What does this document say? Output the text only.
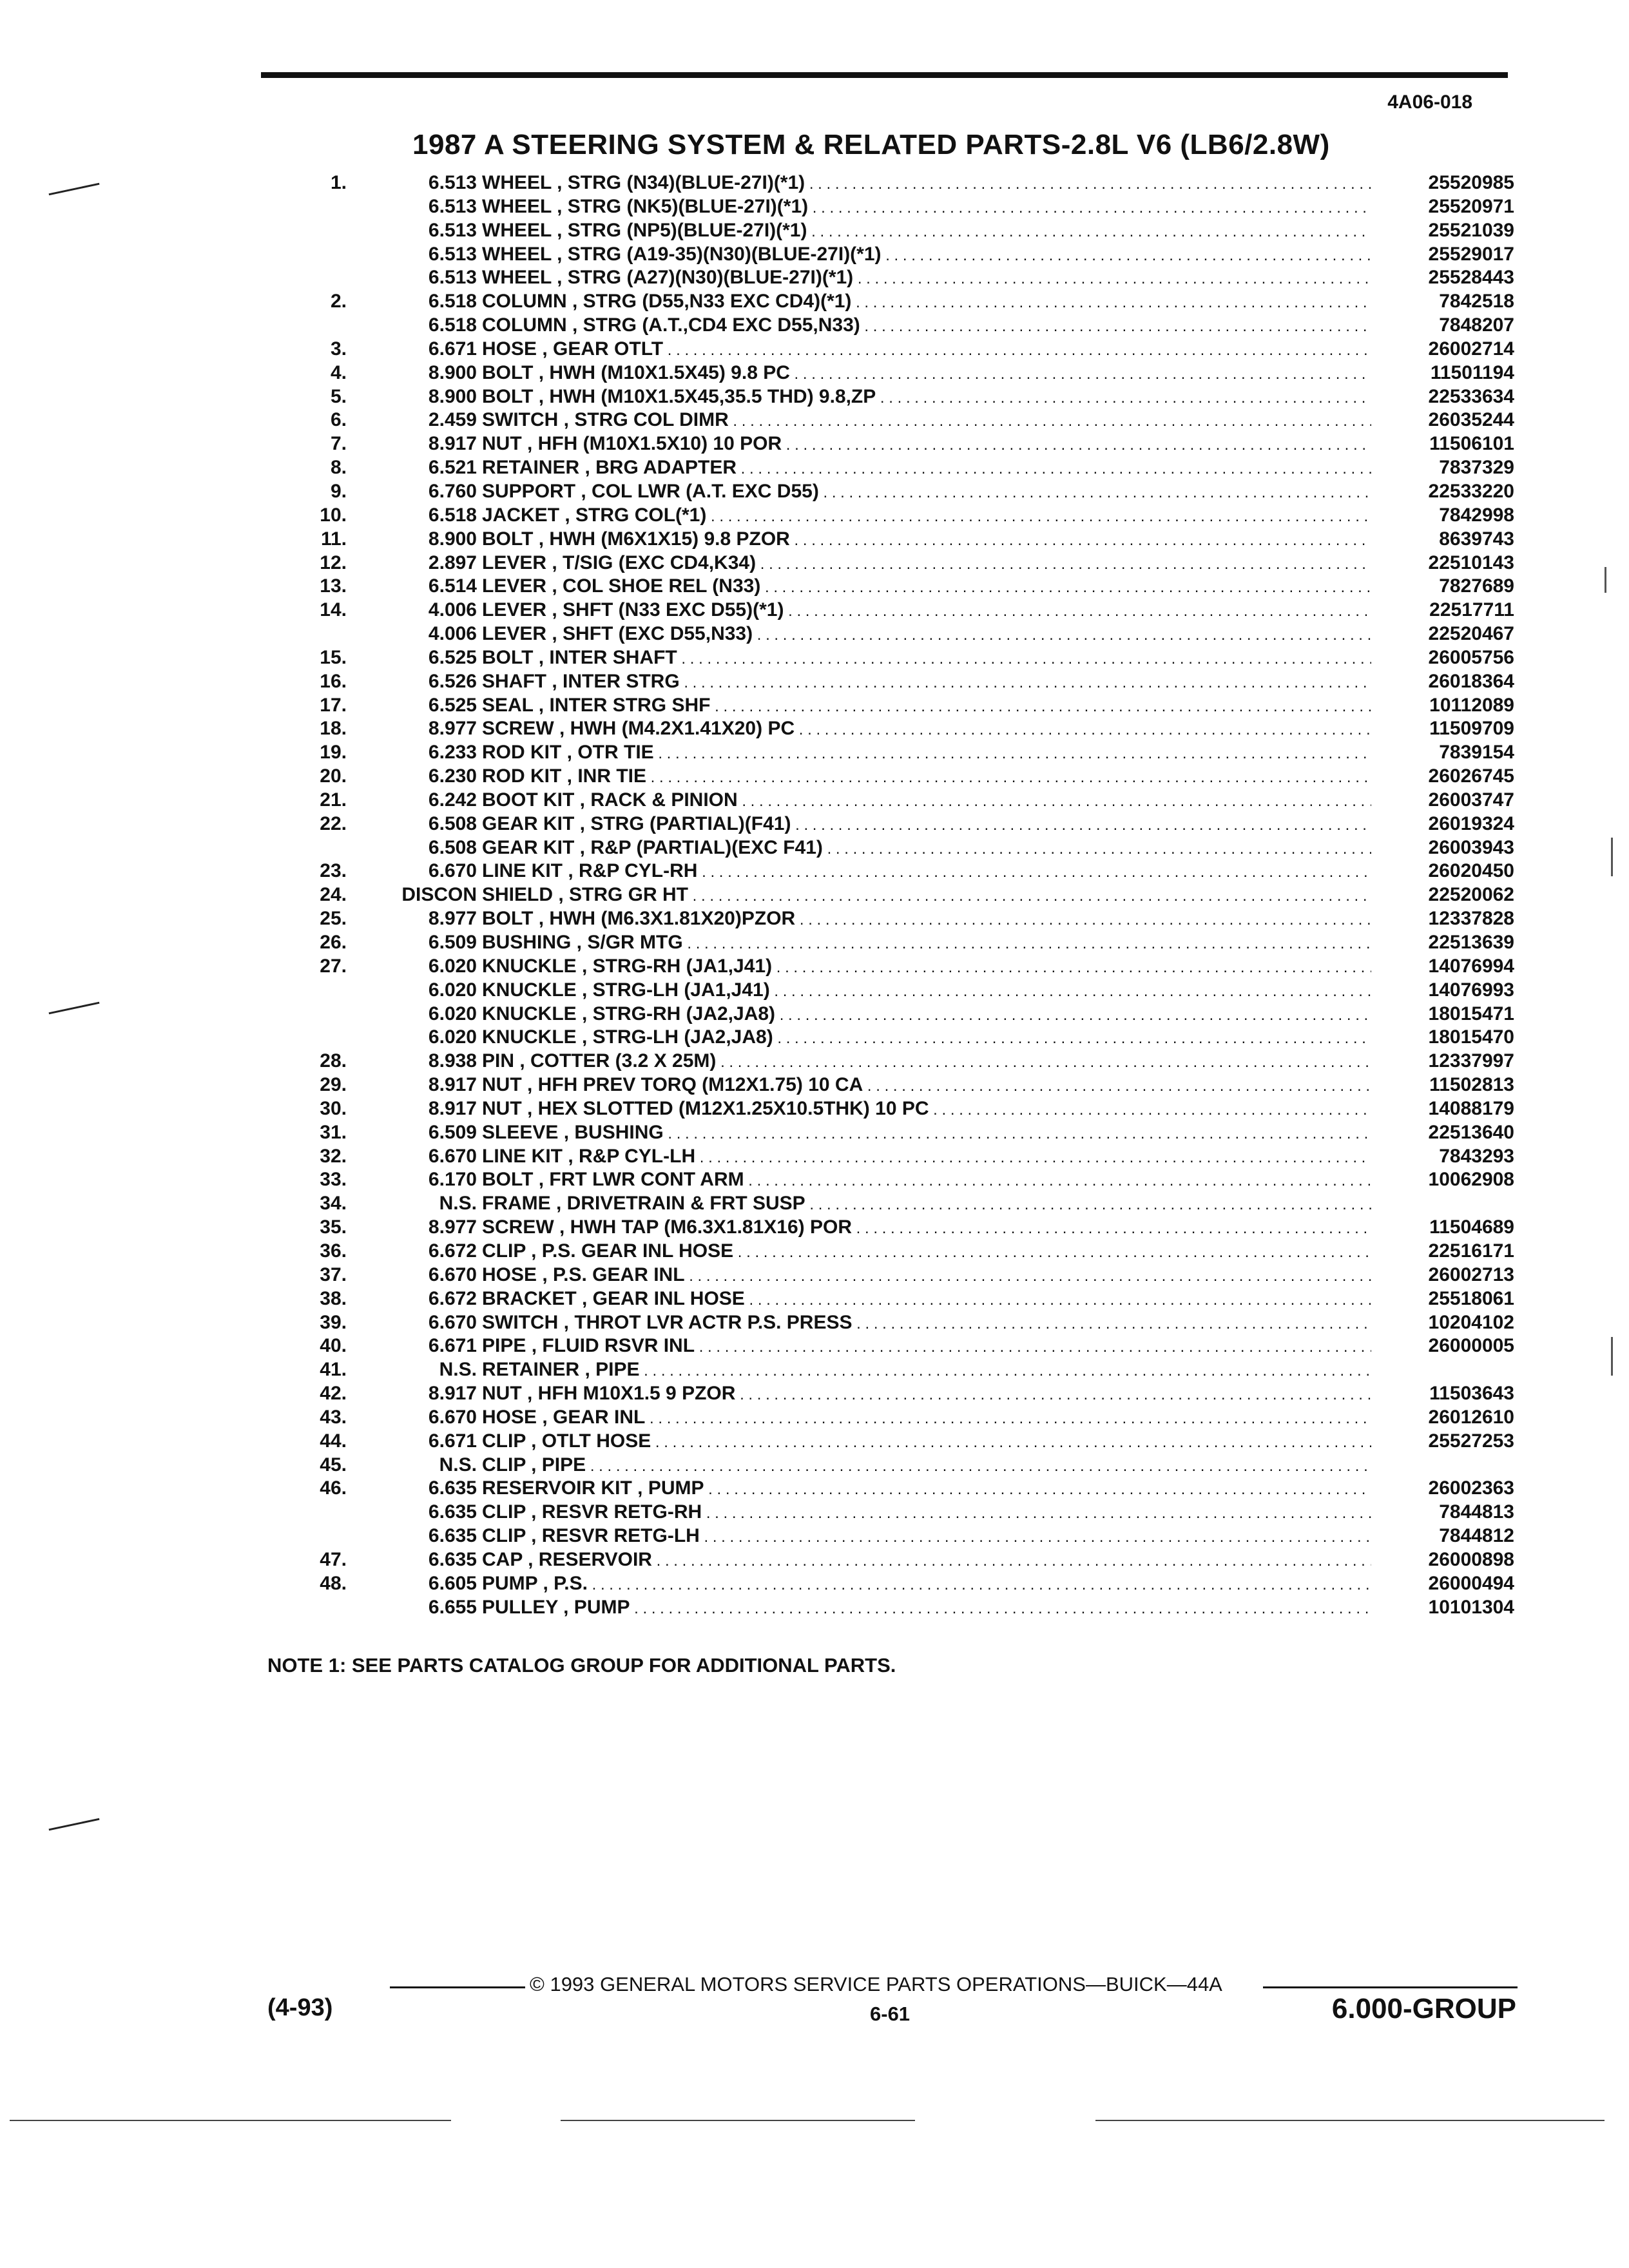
4A06-018
1987 A STEERING SYSTEM & RELATED PARTS-2.8L V6 (LB6/2.8W)
1.	6.513 WHEEL , STRG (N34)(BLUE-27I)(*1) . . .	25520985
6.513 WHEEL , STRG (NK5)(BLUE-27I)(*1) . . .	25520971
6.513 WHEEL , STRG (NP5)(BLUE-27I)(*1) . . .	25521039
6.513 WHEEL , STRG (A19-35)(N30)(BLUE-27I)(*1) . . .	25529017
6.513 WHEEL , STRG (A27)(N30)(BLUE-27I)(*1) . . .	25528443
2.	6.518 COLUMN , STRG (D55,N33 EXC CD4)(*1) . . .	7842518
6.518 COLUMN , STRG (A.T.,CD4 EXC D55,N33) . . .	7848207
3.	6.671 HOSE , GEAR OTLT . . .	26002714
4.	8.900 BOLT , HWH (M10X1.5X45) 9.8 PC . . .	11501194
5.	8.900 BOLT , HWH (M10X1.5X45,35.5 THD) 9.8,ZP . . .	22533634
6.	2.459 SWITCH , STRG COL DIMR . . .	26035244
7.	8.917 NUT , HFH (M10X1.5X10) 10 POR . . .	11506101
8.	6.521 RETAINER , BRG ADAPTER . . .	7837329
9.	6.760 SUPPORT , COL LWR (A.T. EXC D55) . . .	22533220
10.	6.518 JACKET , STRG COL(*1) . . .	7842998
11.	8.900 BOLT , HWH (M6X1X15) 9.8 PZOR . . .	8639743
12.	2.897 LEVER , T/SIG (EXC CD4,K34) . . .	22510143
13.	6.514 LEVER , COL SHOE REL (N33) . . .	7827689
14.	4.006 LEVER , SHFT (N33 EXC D55)(*1) . . .	22517711
4.006 LEVER , SHFT (EXC D55,N33) . . .	22520467
15.	6.525 BOLT , INTER SHAFT . . .	26005756
16.	6.526 SHAFT , INTER STRG . . .	26018364
17.	6.525 SEAL , INTER STRG SHF . . .	10112089
18.	8.977 SCREW , HWH (M4.2X1.41X20) PC . . .	11509709
19.	6.233 ROD KIT , OTR TIE . . .	7839154
20.	6.230 ROD KIT , INR TIE . . .	26026745
21.	6.242 BOOT KIT , RACK & PINION . . .	26003747
22.	6.508 GEAR KIT , STRG (PARTIAL)(F41) . . .	26019324
6.508 GEAR KIT , R&P (PARTIAL)(EXC F41) . . .	26003943
23.	6.670 LINE KIT , R&P CYL-RH . . .	26020450
24.	DISCON SHIELD , STRG GR HT . . .	22520062
25.	8.977 BOLT , HWH (M6.3X1.81X20)PZOR . . .	12337828
26.	6.509 BUSHING , S/GR MTG . . .	22513639
27.	6.020 KNUCKLE , STRG-RH (JA1,J41) . . .	14076994
6.020 KNUCKLE , STRG-LH (JA1,J41) . . .	14076993
6.020 KNUCKLE , STRG-RH (JA2,JA8) . . .	18015471
6.020 KNUCKLE , STRG-LH (JA2,JA8) . . .	18015470
28.	8.938 PIN , COTTER (3.2 X 25M) . . .	12337997
29.	8.917 NUT , HFH PREV TORQ (M12X1.75) 10 CA . . .	11502813
30.	8.917 NUT , HEX SLOTTED (M12X1.25X10.5THK) 10 PC . . .	14088179
31.	6.509 SLEEVE , BUSHING . . .	22513640
32.	6.670 LINE KIT , R&P CYL-LH . . .	7843293
33.	6.170 BOLT , FRT LWR CONT ARM . . .	10062908
34.	N.S. FRAME , DRIVETRAIN & FRT SUSP . . .
35.	8.977 SCREW , HWH TAP (M6.3X1.81X16) POR . . .	11504689
36.	6.672 CLIP , P.S. GEAR INL HOSE . . .	22516171
37.	6.670 HOSE , P.S. GEAR INL . . .	26002713
38.	6.672 BRACKET , GEAR INL HOSE . . .	25518061
39.	6.670 SWITCH , THROT LVR ACTR P.S. PRESS . . .	10204102
40.	6.671 PIPE , FLUID RSVR INL . . .	26000005
41.	N.S. RETAINER , PIPE . . .
42.	8.917 NUT , HFH M10X1.5 9 PZOR . . .	11503643
43.	6.670 HOSE , GEAR INL . . .	26012610
44.	6.671 CLIP , OTLT HOSE . . .	25527253
45.	N.S. CLIP , PIPE . . .
46.	6.635 RESERVOIR KIT , PUMP . . .	26002363
6.635 CLIP , RESVR RETG-RH . . .	7844813
6.635 CLIP , RESVR RETG-LH . . .	7844812
47.	6.635 CAP , RESERVOIR . . .	26000898
48.	6.605 PUMP , P.S. . . .	26000494
6.655 PULLEY , PUMP . . .	10101304
NOTE 1: SEE PARTS CATALOG GROUP FOR ADDITIONAL PARTS.
© 1993 GENERAL MOTORS SERVICE PARTS OPERATIONS—BUICK—44A
(4-93)	6-61	6.000-GROUP
